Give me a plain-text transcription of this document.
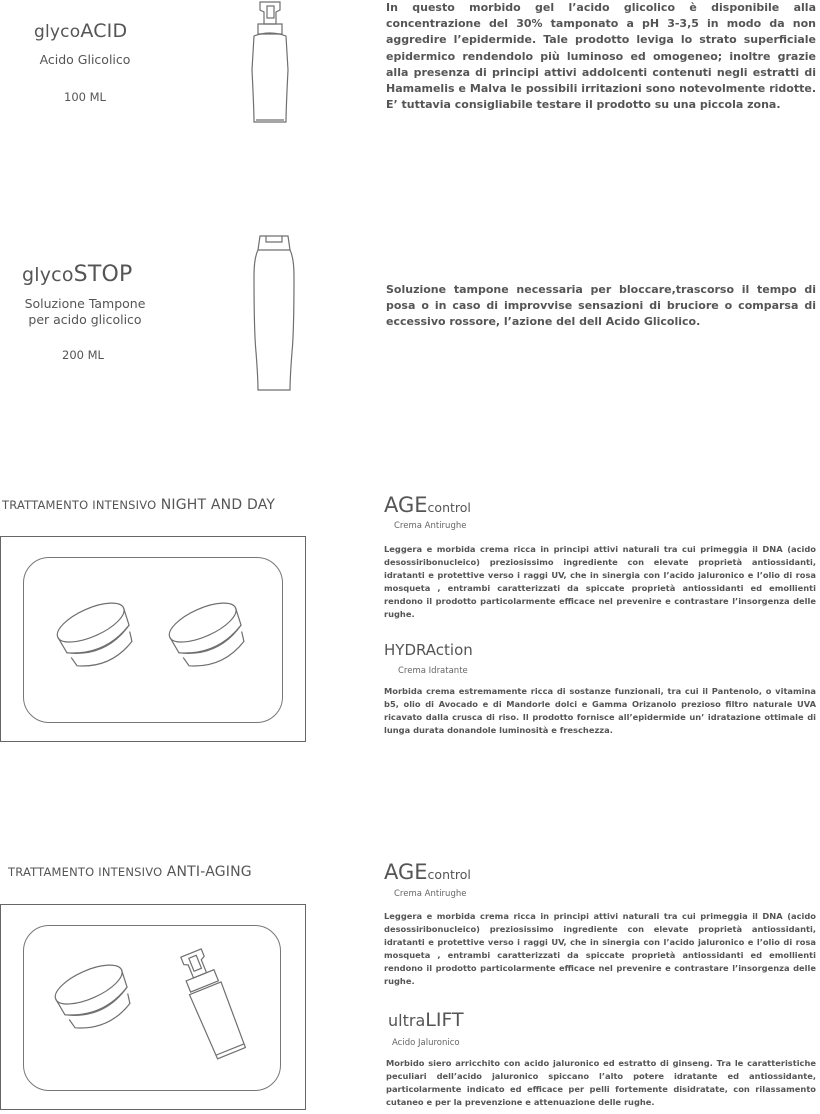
glycoACID
Acido Glicolico
100 ML
In questo morbido gel l’acido glicolico è disponibile alla concentrazione del 30% tamponato a pH 3-3,5 in modo da non aggredire l’epidermide. Tale prodotto leviga lo strato superficiale epidermico rendendolo più luminoso ed omogeneo; inoltre grazie alla presenza di principi attivi addolcenti contenuti negli estratti di Hamamelis e Malva le possibili irritazioni sono notevolmente ridotte. E’ tuttavia consigliabile testare il prodotto su una piccola zona.
glycoSTOP
Soluzione Tampone
per acido glicolico
200 ML
Soluzione tampone necessaria per bloccare,trascorso il tempo di posa o in caso di improvvise sensazioni di bruciore o comparsa di eccessivo rossore, l’azione del dell Acido Glicolico.
TRATTAMENTO INTENSIVO NIGHT AND DAY	AGEcontrol
Crema Antirughe
Leggera e morbida crema ricca in principi attivi naturali tra cui primeggia il DNA (acido desossiribonucleico) preziosissimo ingrediente con elevate proprietà antiossidanti, idratanti e protettive verso i raggi UV, che in sinergia con l’acido jaluronico e l’olio di rosa mosqueta , entrambi caratterizzati da spiccate proprietà antiossidanti ed emollienti rendono il prodotto particolarmente efficace nel prevenire e contrastare l’insorgenza delle rughe.
HYDRAction
Crema Idratante
Morbida crema estremamente ricca di sostanze funzionali, tra cui il Pantenolo, o vitamina b5, olio di Avocado e di Mandorle dolci e Gamma Orizanolo prezioso filtro naturale UVA ricavato dalla crusca di riso. Il prodotto fornisce all’epidermide un’ idratazione ottimale di lunga durata donandole luminosità e freschezza.
TRATTAMENTO INTENSIVO ANTI-AGING	AGEcontrol
Crema Antirughe
Leggera e morbida crema ricca in principi attivi naturali tra cui primeggia il DNA (acido desossiribonucleico) preziosissimo ingrediente con elevate proprietà antiossidanti, idratanti e protettive verso i raggi UV, che in sinergia con l’acido jaluronico e l’olio di rosa mosqueta , entrambi caratterizzati da spiccate proprietà antiossidanti ed emollienti rendono il prodotto particolarmente efficace nel prevenire e contrastare l’insorgenza delle rughe.
ultraLIFT
Acido Jaluronico
Morbido siero arricchito con acido jaluronico ed estratto di ginseng. Tra le caratteristiche peculiari dell’acido jaluronico spiccano l’alto potere idratante ed antiossidante, particolarmente indicato ed efficace per pelli fortemente disidratate, con rilassamento cutaneo e per la prevenzione e attenuazione delle rughe.
